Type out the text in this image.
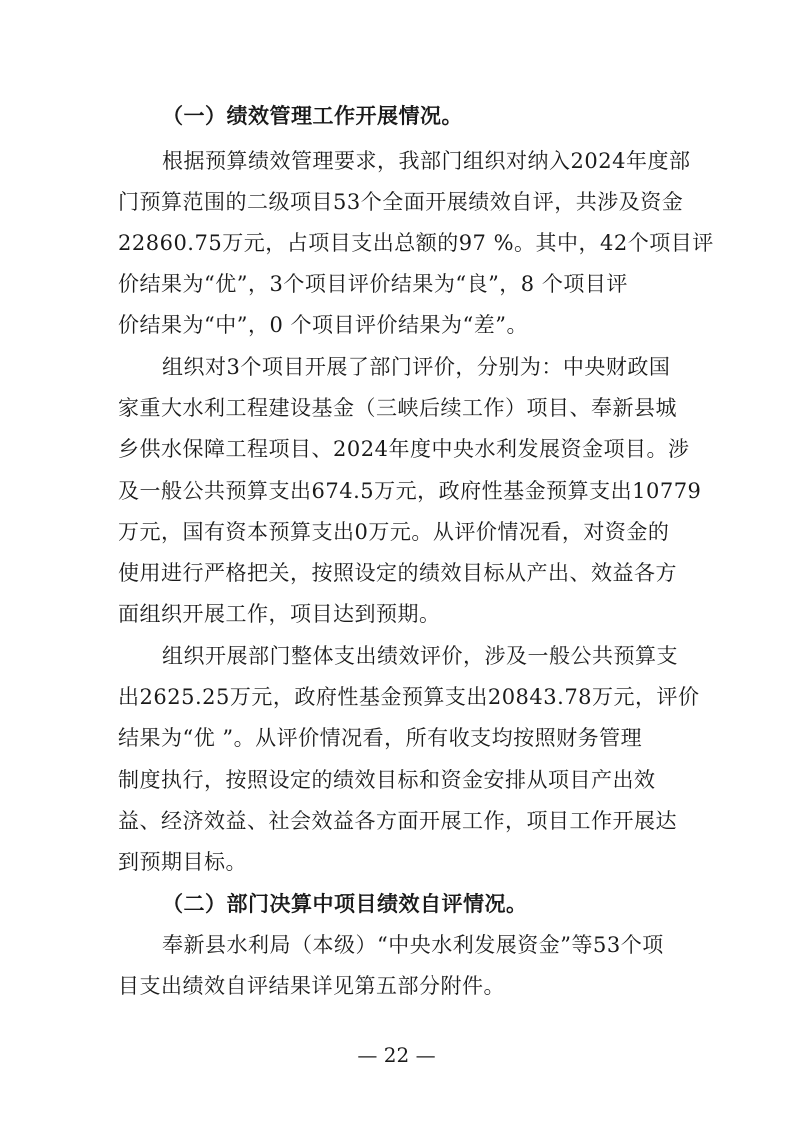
（一）绩效管理工作开展情况。
根据预算绩效管理要求，我部门组织对纳入2024年度部
门预算范围的二级项目53个全面开展绩效自评，共涉及资金
22860.75万元，占项目支出总额的97 %。其中，42个项目评
价结果为“优”，3个项目评价结果为“良”，8 个项目评
价结果为“中”，0 个项目评价结果为“差”。
组织对3个项目开展了部门评价，分别为：中央财政国
家重大水利工程建设基金（三峡后续工作）项目、奉新县城
乡供水保障工程项目、2024年度中央水利发展资金项目。涉
及一般公共预算支出674.5万元，政府性基金预算支出10779
万元，国有资本预算支出0万元。从评价情况看，对资金的
使用进行严格把关，按照设定的绩效目标从产出、效益各方
面组织开展工作，项目达到预期。
组织开展部门整体支出绩效评价，涉及一般公共预算支
出2625.25万元，政府性基金预算支出20843.78万元，评价
结果为“优 ”。从评价情况看，所有收支均按照财务管理
制度执行，按照设定的绩效目标和资金安排从项目产出效
益、经济效益、社会效益各方面开展工作，项目工作开展达
到预期目标。
（二）部门决算中项目绩效自评情况。
奉新县水利局（本级）“中央水利发展资金”等53个项
目支出绩效自评结果详见第五部分附件。
— 22 —
